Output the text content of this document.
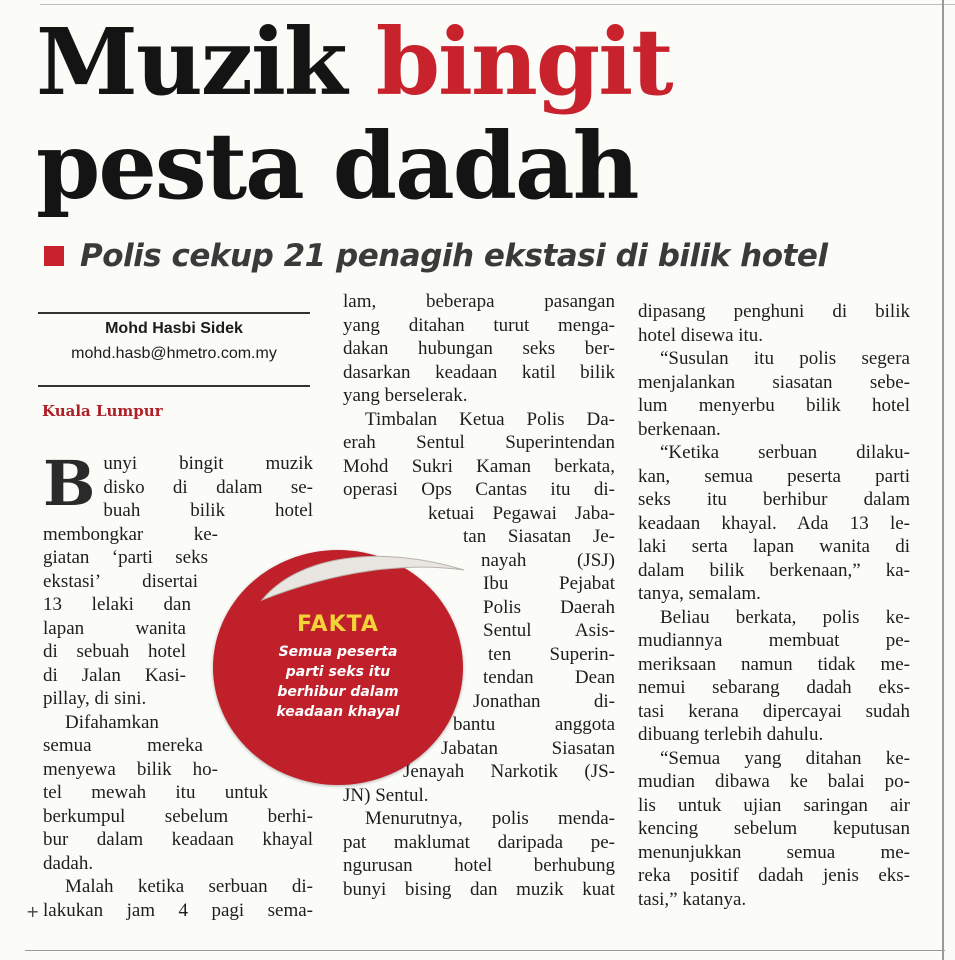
Muzik bingit
pesta dadah
Polis cekup 21 penagih ekstasi di bilik hotel
Mohd Hasbi Sidek
mohd.hasb@hmetro.com.my
Kuala Lumpur
B unyi bingit muzik

disko di dalam se-

buah bilik hotel

membongkar ke-

giatan ‘parti seks

ekstasi’ disertai

13 lelaki dan

lapan wanita

di sebuah hotel

di Jalan Kasi-

pillay, di sini.

Difahamkan

semua mereka

menyewa bilik ho-

tel mewah itu untuk

berkumpul sebelum berhi-

bur dalam keadaan khayal

dadah.

Malah ketika serbuan di-

lakukan jam 4 pagi sema-

lam, beberapa pasangan

yang ditahan turut menga-

dakan hubungan seks ber-

dasarkan keadaan katil bilik

yang berselerak.

Timbalan Ketua Polis Da-

erah Sentul Superintendan

Mohd Sukri Kaman berkata,

operasi Ops Cantas itu di-

ketuai Pegawai Jaba-

tan Siasatan Je-

nayah (JSJ)

Ibu Pejabat

Polis Daerah

Sentul Asis-

ten Superin-

tendan Dean

Jonathan di-

bantu anggota

Jabatan Siasatan

Jenayah Narkotik (JS-

JN) Sentul.

Menurutnya, polis menda-

pat maklumat daripada pe-

ngurusan hotel berhubung

bunyi bising dan muzik kuat

dipasang penghuni di bilik

hotel disewa itu.

“Susulan itu polis segera

menjalankan siasatan sebe-

lum menyerbu bilik hotel

berkenaan.

“Ketika serbuan dilaku-

kan, semua peserta parti

seks itu berhibur dalam

keadaan khayal. Ada 13 le-

laki serta lapan wanita di

dalam bilik berkenaan,” ka-

tanya, semalam.

Beliau berkata, polis ke-

mudiannya membuat pe-

meriksaan namun tidak me-

nemui sebarang dadah eks-

tasi kerana dipercayai sudah

dibuang terlebih dahulu.

“Semua yang ditahan ke-

mudian dibawa ke balai po-

lis untuk ujian saringan air

kencing sebelum keputusan

menunjukkan semua me-

reka positif dadah jenis eks-

tasi,” katanya.

FAKTA
Semua peserta
parti seks itu
berhibur dalam
keadaan khayal
+
